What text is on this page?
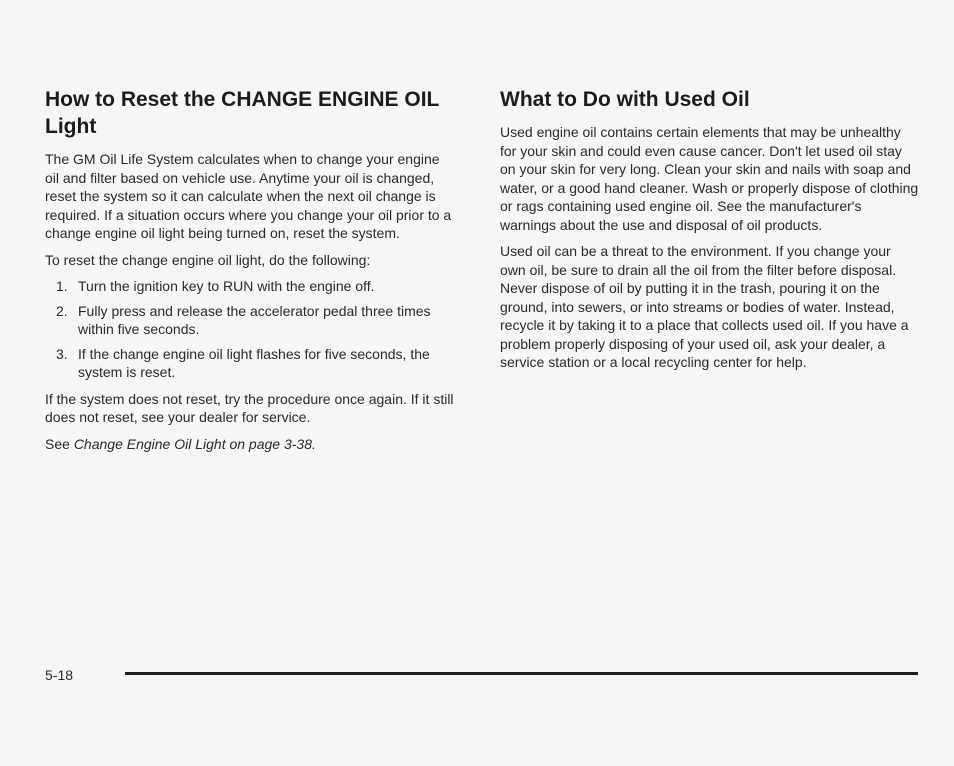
How to Reset the CHANGE ENGINE OIL Light

The GM Oil Life System calculates when to change your engine oil and filter based on vehicle use. Anytime your oil is changed, reset the system so it can calculate when the next oil change is required. If a situation occurs where you change your oil prior to a change engine oil light being turned on, reset the system.

To reset the change engine oil light, do the following:

1. Turn the ignition key to RUN with the engine off.
2. Fully press and release the accelerator pedal three times within five seconds.
3. If the change engine oil light flashes for five seconds, the system is reset.

If the system does not reset, try the procedure once again. If it still does not reset, see your dealer for service.

See Change Engine Oil Light on page 3-38.

What to Do with Used Oil

Used engine oil contains certain elements that may be unhealthy for your skin and could even cause cancer. Don't let used oil stay on your skin for very long. Clean your skin and nails with soap and water, or a good hand cleaner. Wash or properly dispose of clothing or rags containing used engine oil. See the manufacturer's warnings about the use and disposal of oil products.

Used oil can be a threat to the environment. If you change your own oil, be sure to drain all the oil from the filter before disposal. Never dispose of oil by putting it in the trash, pouring it on the ground, into sewers, or into streams or bodies of water. Instead, recycle it by taking it to a place that collects used oil. If you have a problem properly disposing of your used oil, ask your dealer, a service station or a local recycling center for help.

5-18
